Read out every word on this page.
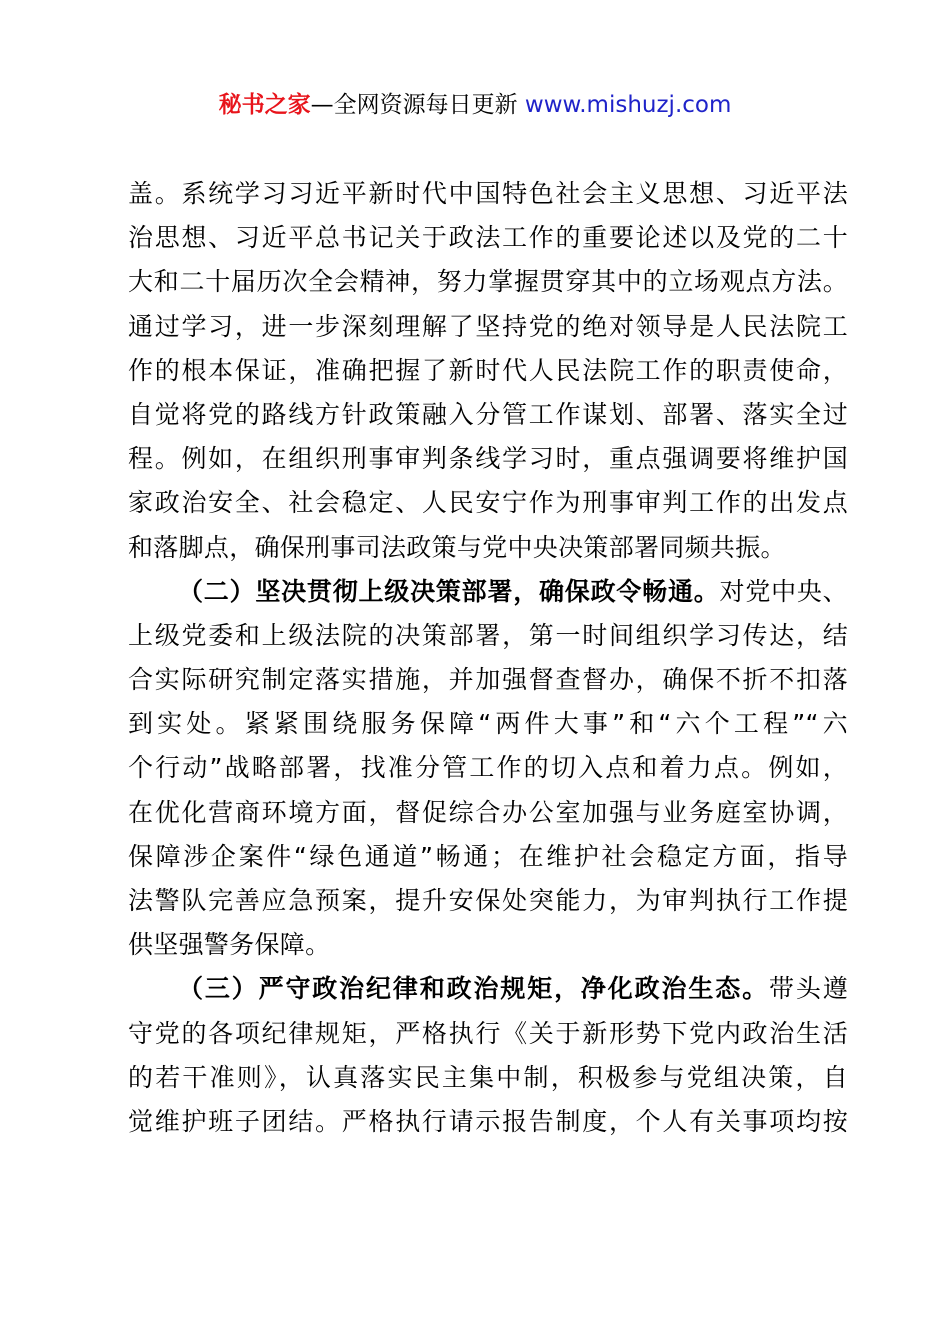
秘书之家—全网资源每日更新 www.mishuzj.com
盖。系统学习习近平新时代中国特色社会主义思想、习近平法
治思想、习近平总书记关于政法工作的重要论述以及党的二十
大和二十届历次全会精神，努力掌握贯穿其中的立场观点方法。
通过学习，进一步深刻理解了坚持党的绝对领导是人民法院工
作的根本保证，准确把握了新时代人民法院工作的职责使命，
自觉将党的路线方针政策融入分管工作谋划、部署、落实全过
程。例如，在组织刑事审判条线学习时，重点强调要将维护国
家政治安全、社会稳定、人民安宁作为刑事审判工作的出发点
和落脚点，确保刑事司法政策与党中央决策部署同频共振。
（二）坚决贯彻上级决策部署，确保政令畅通。对党中央、
上级党委和上级法院的决策部署，第一时间组织学习传达，结
合实际研究制定落实措施，并加强督查督办，确保不折不扣落
到实处。紧紧围绕服务保障“两件大事”和“六个工程”“六
个行动”战略部署，找准分管工作的切入点和着力点。例如，
在优化营商环境方面，督促综合办公室加强与业务庭室协调，
保障涉企案件“绿色通道”畅通；在维护社会稳定方面，指导
法警队完善应急预案，提升安保处突能力，为审判执行工作提
供坚强警务保障。
（三）严守政治纪律和政治规矩，净化政治生态。带头遵
守党的各项纪律规矩，严格执行《关于新形势下党内政治生活
的若干准则》，认真落实民主集中制，积极参与党组决策，自
觉维护班子团结。严格执行请示报告制度，个人有关事项均按
